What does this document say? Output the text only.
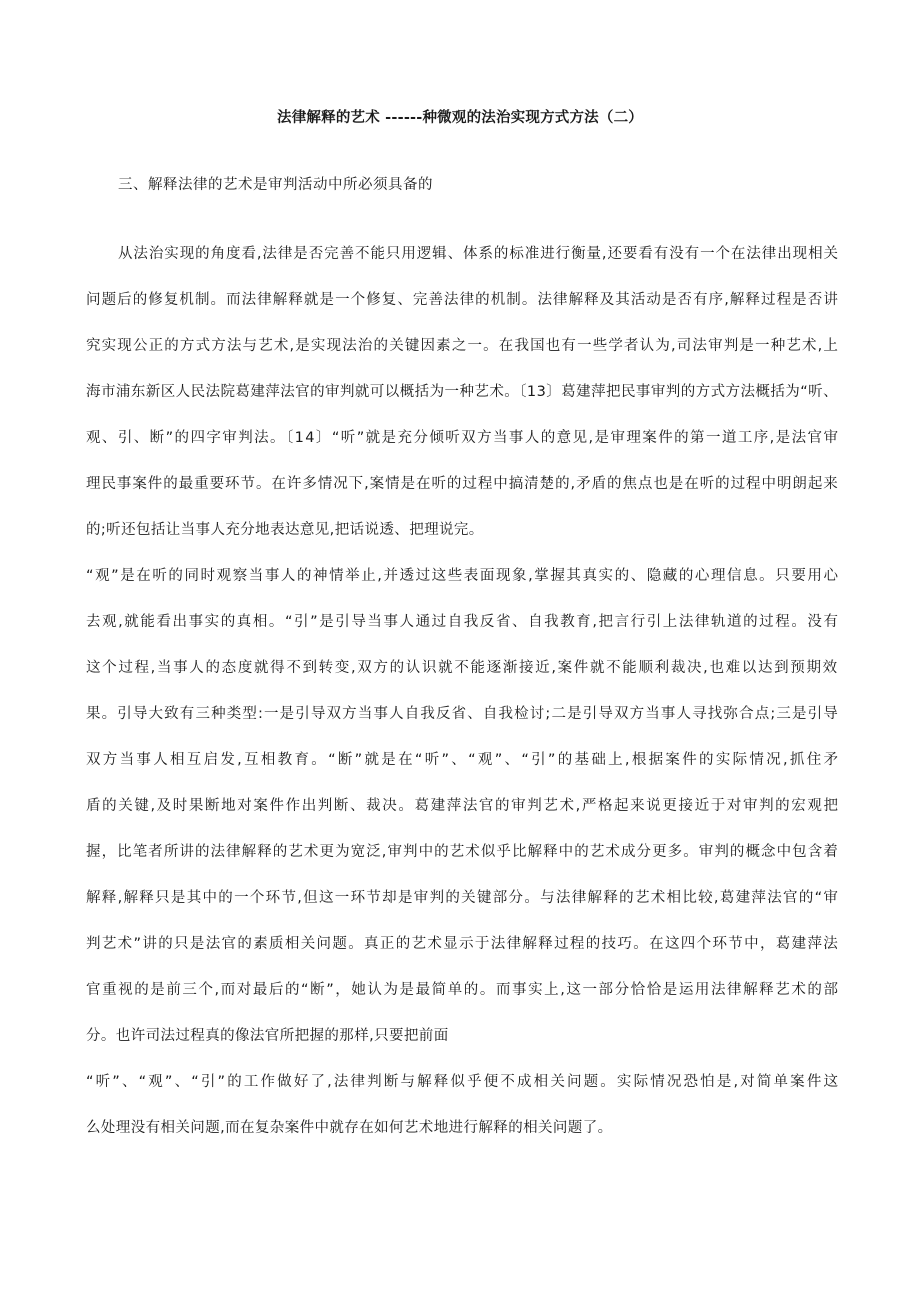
法律解释的艺术 ------种微观的法治实现方式方法（二）
三、解释法律的艺术是审判活动中所必须具备的
从法治实现的角度看,法律是否完善不能只用逻辑、体系的标准进行衡量,还要看有没有一个在法律出现相关
问题后的修复机制。而法律解释就是一个修复、完善法律的机制。法律解释及其活动是否有序,解释过程是否讲
究实现公正的方式方法与艺术,是实现法治的关键因素之一。在我国也有一些学者认为,司法审判是一种艺术,上
海市浦东新区人民法院葛建萍法官的审判就可以概括为一种艺术。〔13〕葛建萍把民事审判的方式方法概括为“听、
观、引、断”的四字审判法。〔14〕“听”就是充分倾听双方当事人的意见,是审理案件的第一道工序,是法官审
理民事案件的最重要环节。在许多情况下,案情是在听的过程中搞清楚的,矛盾的焦点也是在听的过程中明朗起来
的;听还包括让当事人充分地表达意见,把话说透、把理说完。
“观”是在听的同时观察当事人的神情举止,并透过这些表面现象,掌握其真实的、隐藏的心理信息。只要用心
去观,就能看出事实的真相。“引”是引导当事人通过自我反省、自我教育,把言行引上法律轨道的过程。没有
这个过程,当事人的态度就得不到转变,双方的认识就不能逐渐接近,案件就不能顺利裁决,也难以达到预期效
果。引导大致有三种类型:一是引导双方当事人自我反省、自我检讨;二是引导双方当事人寻找弥合点;三是引导
双方当事人相互启发,互相教育。“断”就是在“听”、“观”、“引”的基础上,根据案件的实际情况,抓住矛
盾的关键,及时果断地对案件作出判断、裁决。葛建萍法官的审判艺术,严格起来说更接近于对审判的宏观把
握，比笔者所讲的法律解释的艺术更为宽泛,审判中的艺术似乎比解释中的艺术成分更多。审判的概念中包含着
解释,解释只是其中的一个环节,但这一环节却是审判的关键部分。与法律解释的艺术相比较,葛建萍法官的“审
判艺术”讲的只是法官的素质相关问题。真正的艺术显示于法律解释过程的技巧。在这四个环节中，葛建萍法
官重视的是前三个,而对最后的“断”，她认为是最简单的。而事实上,这一部分恰恰是运用法律解释艺术的部
分。也许司法过程真的像法官所把握的那样,只要把前面
“听”、“观”、“引”的工作做好了,法律判断与解释似乎便不成相关问题。实际情况恐怕是,对简单案件这
么处理没有相关问题,而在复杂案件中就存在如何艺术地进行解释的相关问题了。
